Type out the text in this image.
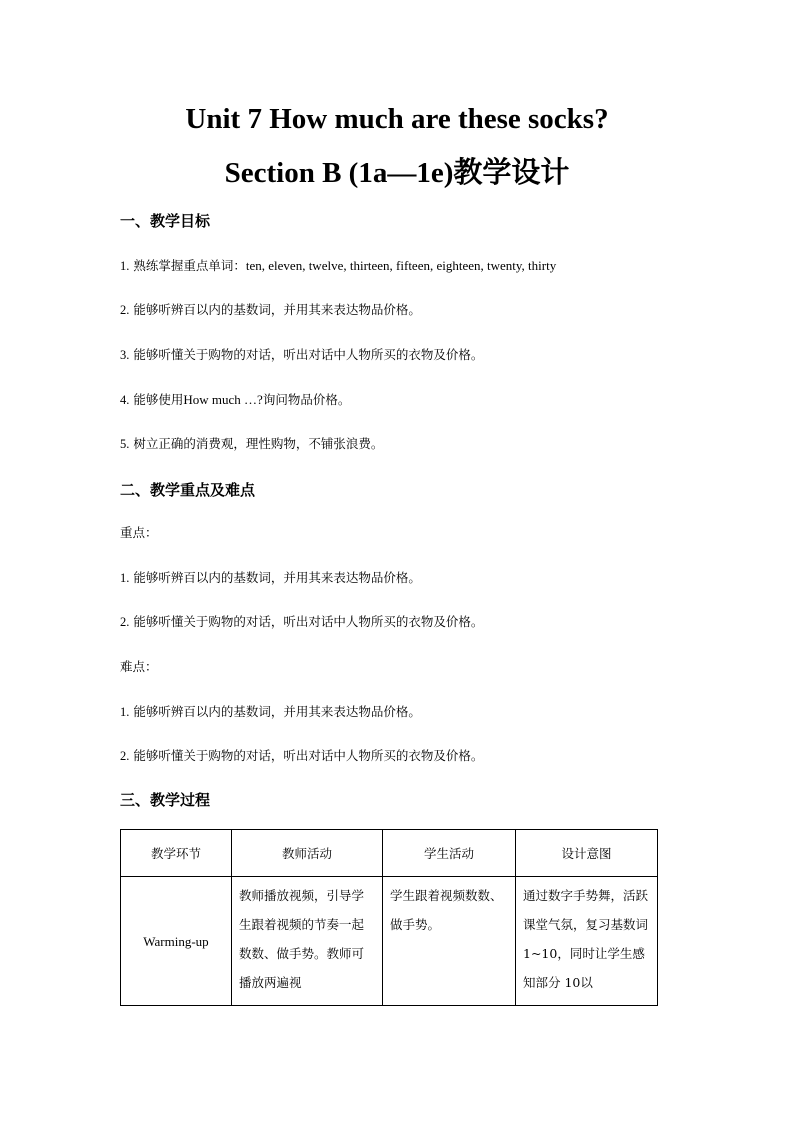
Unit 7 How much are these socks?
Section B (1a—1e)教学设计
一、教学目标
1. 熟练掌握重点单词：ten, eleven, twelve, thirteen, fifteen, eighteen, twenty, thirty
2. 能够听辨百以内的基数词，并用其来表达物品价格。
3. 能够听懂关于购物的对话，听出对话中人物所买的衣物及价格。
4. 能够使用How much …?询问物品价格。
5. 树立正确的消费观，理性购物，不铺张浪费。
二、教学重点及难点
重点：
1. 能够听辨百以内的基数词，并用其来表达物品价格。
2. 能够听懂关于购物的对话，听出对话中人物所买的衣物及价格。
难点：
1. 能够听辨百以内的基数词，并用其来表达物品价格。
2. 能够听懂关于购物的对话，听出对话中人物所买的衣物及价格。
三、教学过程
教学环节	教师活动	学生活动	设计意图
Warming-up	教师播放视频，引导学生跟着视频的节奏一起数数、做手势。教师可播放两遍视	学生跟着视频数数、做手势。	通过数字手势舞，活跃课堂气氛，复习基数词 1~10，同时让学生感知部分 10以
